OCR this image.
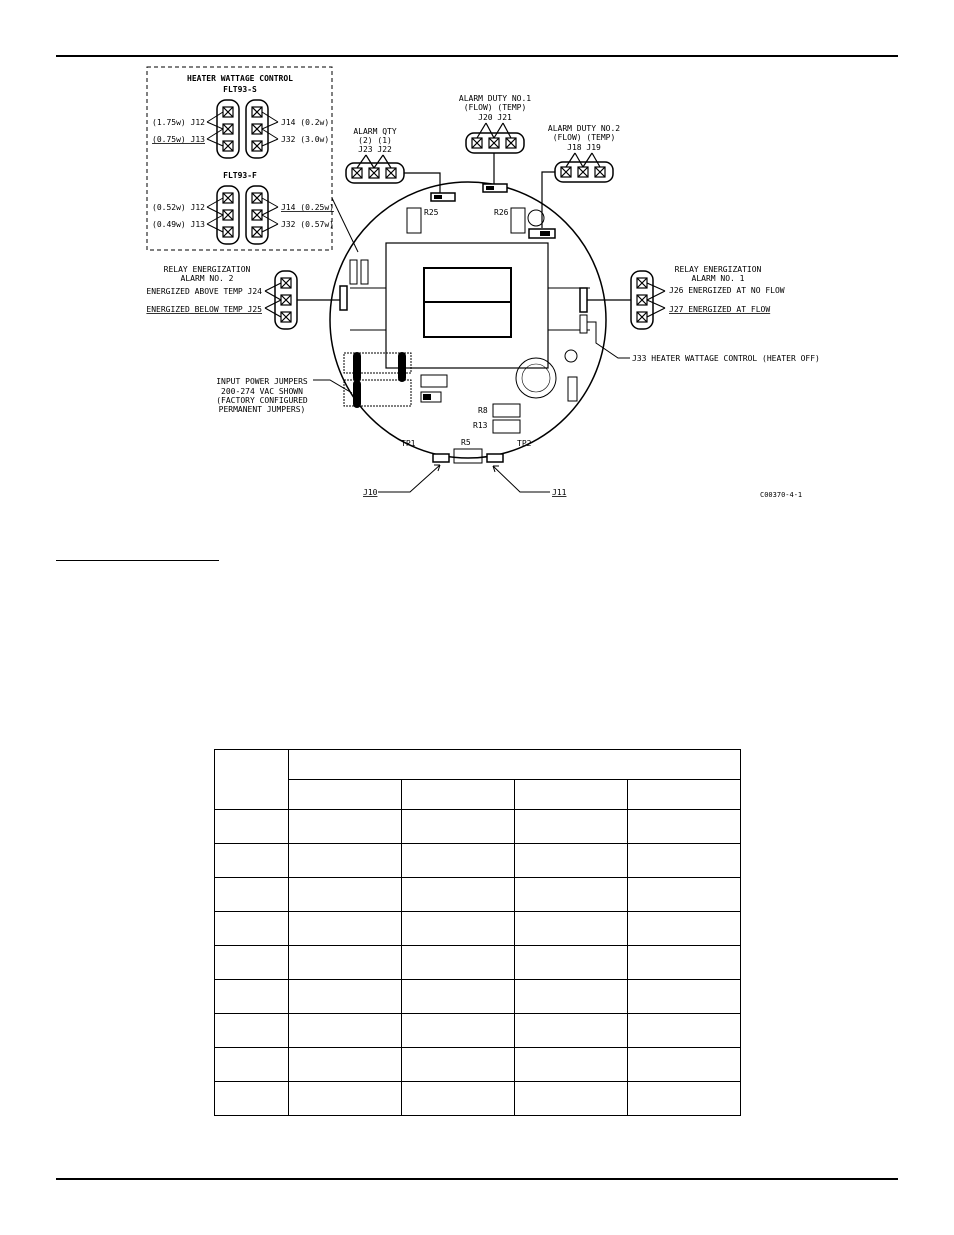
HEATER WATTAGE CONTROL
FLT93-S
(1.75w) J12
(0.75w) J13
J14 (0.2w)
J32 (3.0w)
FLT93-F
(0.52w) J12
(0.49w) J13
J14 (0.25w)
J32 (0.57w)
ALARM DUTY NO.1
(FLOW) (TEMP)
J20 J21
ALARM QTY
(2) (1)
J23 J22
ALARM DUTY NO.2
(FLOW) (TEMP)
J18 J19
R25	R26
R8
R13
R5
TP1	TP2
RELAY ENERGIZATION
ALARM NO. 2
ENERGIZED ABOVE TEMP J24
ENERGIZED BELOW TEMP J25
RELAY ENERGIZATION
ALARM NO. 1
J26 ENERGIZED AT NO FLOW
J27 ENERGIZED AT FLOW
J33 HEATER WATTAGE CONTROL (HEATER OFF)
INPUT POWER JUMPERS
200-274 VAC SHOWN
(FACTORY CONFIGURED
PERMANENT JUMPERS)
J10	J11	C00370-4-1
